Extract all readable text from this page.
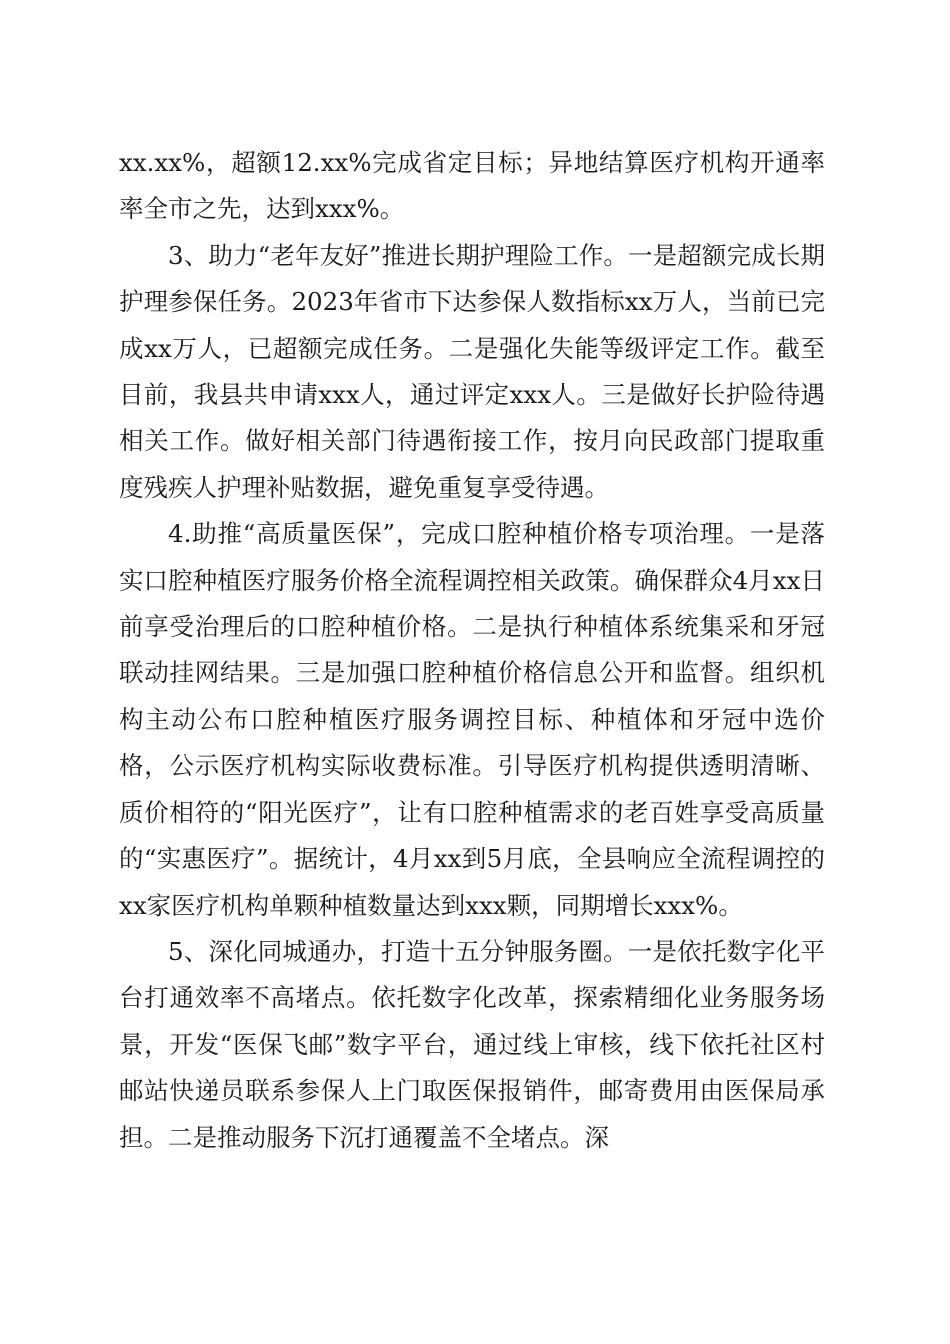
xx.xx%，超额12.xx%完成省定目标；异地结算医疗机构开通率率全市之先，达到xxx%。

3、助力“老年友好”推进长期护理险工作。一是超额完成长期护理参保任务。2023年省市下达参保人数指标xx万人，当前已完成xx万人，已超额完成任务。二是强化失能等级评定工作。截至目前，我县共申请xxx人，通过评定xxx人。三是做好长护险待遇相关工作。做好相关部门待遇衔接工作，按月向民政部门提取重度残疾人护理补贴数据，避免重复享受待遇。

4.助推“高质量医保”，完成口腔种植价格专项治理。一是落实口腔种植医疗服务价格全流程调控相关政策。确保群众4月xx日前享受治理后的口腔种植价格。二是执行种植体系统集采和牙冠联动挂网结果。三是加强口腔种植价格信息公开和监督。组织机构主动公布口腔种植医疗服务调控目标、种植体和牙冠中选价格，公示医疗机构实际收费标准。引导医疗机构提供透明清晰、质价相符的“阳光医疗”，让有口腔种植需求的老百姓享受高质量的“实惠医疗”。据统计，4月xx到5月底，全县响应全流程调控的xx家医疗机构单颗种植数量达到xxx颗，同期增长xxx%。

5、深化同城通办，打造十五分钟服务圈。一是依托数字化平台打通效率不高堵点。依托数字化改革，探索精细化业务服务场景，开发“医保飞邮”数字平台，通过线上审核，线下依托社区村邮站快递员联系参保人上门取医保报销件，邮寄费用由医保局承担。二是推动服务下沉打通覆盖不全堵点。深
